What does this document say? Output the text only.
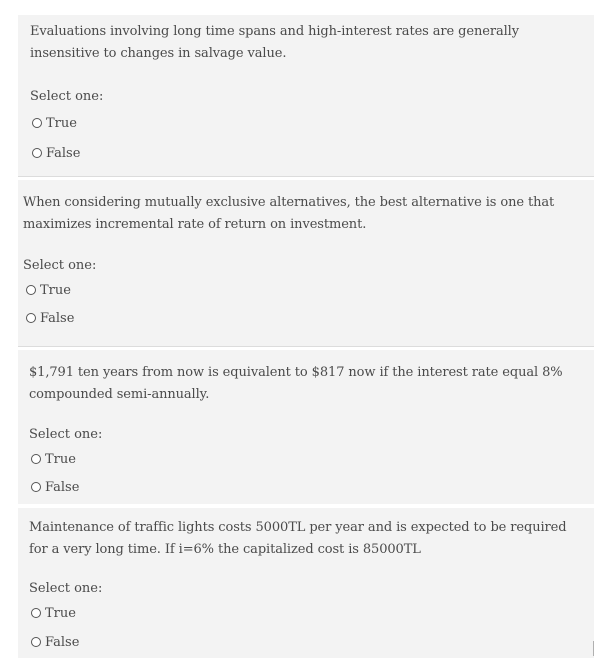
Evaluations involving long time spans and high-interest rates are generally insensitive to changes in salvage value.
Select one:
True
False
When considering mutually exclusive alternatives, the best alternative is one that maximizes incremental rate of return on investment.
Select one:
True
False
$1,791 ten years from now is equivalent to $817 now if the interest rate equal 8% compounded semi-annually.
Select one:
True
False
Maintenance of traffic lights costs 5000TL per year and is expected to be required for a very long time. If i=6% the capitalized cost is 85000TL
Select one:
True
False
